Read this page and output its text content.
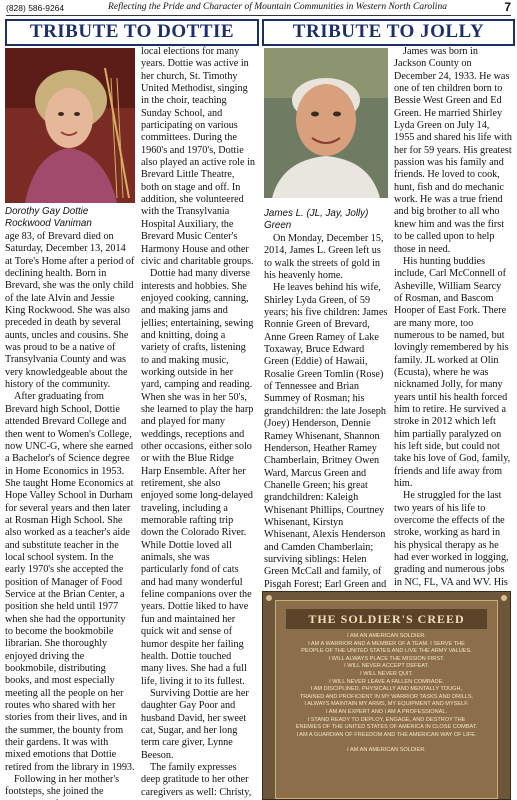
(828) 586-9264	Reflecting the Pride and Character of Mountain Communities in Western North Carolina	7
TRIBUTE TO DOTTIE
Dorothy Gay Dottie
Rockwood Vaniman

age 83, of Brevard died on Saturday, December 13, 2014 at Tore's Home after a period of declining health. Born in Brevard, she was the only child of the late Alvin and Jessie King Rockwood. She was also preceded in death by several aunts, uncles and cousins. She was proud to be a native of Transylvania County and was very knowledgeable about the history of the community.

After graduating from Brevard high School, Dottie attended Brevard College and then went to Women's College, now UNC-G, where she earned a Bachelor's of Science degree in Home Economics in 1953. She taught Home Economics at Hope Valley School in Durham for several years and then later at Rosman High School. She also worked as a teacher's aide and substitute teacher in the local school system. In the early 1970's she accepted the position of Manager of Food Service at the Brian Center, a position she held until 1977 when she had the opportunity to become the bookmobile librarian. She thoroughly enjoyed driving the bookmobile, distributing books, and most especially meeting all the people on her routes who shared with her stories from their lives, and in the summer, the bounty from their gardens. It was with mixed emotions that Dottie retired from the library in 1993.

Following in her mother's footsteps, she joined the

local elections for many years. Dottie was active in her church, St. Timothy United Methodist, singing in the choir, teaching Sunday School, and participating on various committees. During the 1960's and 1970's, Dottie also played an active role in Brevard Little Theatre, both on stage and off. In addition, she volunteered with the Transylvania Hospital Auxiliary, the Brevard Music Center's Harmony House and other civic and charitable groups.

Dottie had many diverse interests and hobbies. She enjoyed cooking, canning, and making jams and jellies; entertaining, sewing and knitting, doing a variety of crafts, listening to and making music, working outside in her yard, camping and reading. When she was in her 50's, she learned to play the harp and played for many weddings, receptions and other occasions, either solo or with the Blue Ridge Harp Ensemble. After her retirement, she also enjoyed some long-delayed traveling, including a memorable rafting trip down the Colorado River. While Dottie loved all animals, she was particularly fond of cats and had many wonderful feline companions over the years. Dottie liked to have fun and maintained her quick wit and sense of humor despite her failing health. Dottie touched many lives. She had a full life, living it to its fullest.

Surviving Dottie are her daughter Gay Poor and husband David, her sweet cat, Sugar, and her long term care giver, Lynne Beeson.

The family expresses deep gratitude to her other caregivers as well: Christy,

TRIBUTE TO JOLLY
James L. (JL, Jay, Jolly)
Green

On Monday, December 15, 2014, James L. Green left us to walk the streets of gold in his heavenly home.

He leaves behind his wife, Shirley Lyda Green, of 59 years; his five children: James Ronnie Green of Brevard, Anne Green Ramey of Lake Toxaway, Bruce Edward Green (Eddie) of Hawaii, Rosalie Green Tomlin (Rose) of Tennessee and Brian Summey of Rosman; his grandchildren: the late Joseph (Joey) Henderson, Dennie Ramey Whisenant, Shannon Henderson, Heather Ramey Chamberlain, Britney Owen Ward, Marcus Green and Chanelle Green; his great grandchildren: Kaleigh Whisenant Phillips, Courtney Whisenant, Kirstyn Whisenant, Alexis Henderson and Camden Chamberlain; surviving siblings: Helen Green McCall and family, of Pisgah Forest; Earl Green and

James was born in Jackson County on December 24, 1933. He was one of ten children born to Bessie West Green and Ed Green. He married Shirley Lyda Green on July 14, 1955 and shared his life with her for 59 years. His greatest passion was his family and friends. He loved to cook, hunt, fish and do mechanic work. He was a true friend and big brother to all who knew him and was the first to be called upon to help those in need.

His hunting buddies include, Carl McConnell of Asheville, William Searcy of Rosman, and Bascom Hooper of East Fork. There are many more, too numerous to be named, but lovingly remembered by his family. JL worked at Olin (Ecusta), where he was nicknamed Jolly, for many years until his health forced him to retire. He survived a stroke in 2012 which left him partially paralyzed on his left side, but could not take his love of God, family, friends and life away from him.

He struggled for the last two years of his life to overcome the effects of the stroke, working as hard in his physical therapy as he had ever worked in logging, grading and numerous jobs in NC, FL, VA and WV. His

THE SOLDIER'S CREED
I AM AN AMERICAN SOLDIER.
I AM A WARRIOR AND A MEMBER OF A TEAM. I SERVE THE
PEOPLE OF THE UNITED STATES AND LIVE THE ARMY VALUES.
I WILL ALWAYS PLACE THE MISSION FIRST.
I WILL NEVER ACCEPT DEFEAT.
I WILL NEVER QUIT.
I WILL NEVER LEAVE A FALLEN COMRADE.
I AM DISCIPLINED, PHYSICALLY AND MENTALLY TOUGH,
TRAINED AND PROFICIENT IN MY WARRIOR TASKS AND DRILLS.
I ALWAYS MAINTAIN MY ARMS, MY EQUIPMENT AND MYSELF.
I AM AN EXPERT AND I AM A PROFESSIONAL.
I STAND READY TO DEPLOY, ENGAGE, AND DESTROY THE
ENEMIES OF THE UNITED STATES OF AMERICA IN CLOSE COMBAT.
I AM A GUARDIAN OF FREEDOM AND THE AMERICAN WAY OF LIFE.

I AM AN AMERICAN SOLDIER.
